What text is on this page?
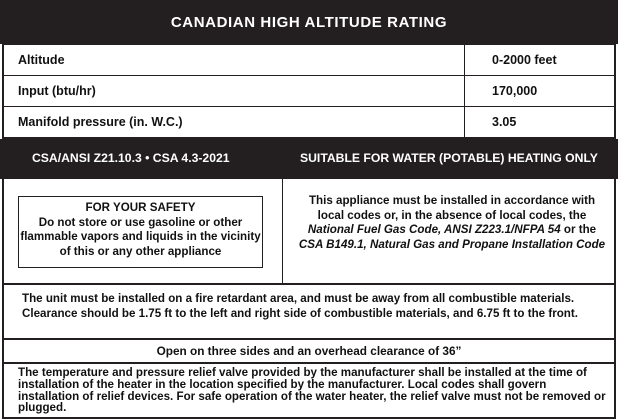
CANADIAN HIGH ALTITUDE RATING
Altitude	0-2000 feet
Input (btu/hr)	170,000
Manifold pressure (in. W.C.)	3.05
CSA/ANSI Z21.10.3 • CSA 4.3-2021	SUITABLE FOR WATER (POTABLE) HEATING ONLY
FOR YOUR SAFETY
Do not store or use gasoline or other flammable vapors and liquids in the vicinity of this or any other appliance
This appliance must be installed in accordance with local codes or, in the absence of local codes, the National Fuel Gas Code, ANSI Z223.1/NFPA 54 or the CSA B149.1, Natural Gas and Propane Installation Code
The unit must be installed on a fire retardant area, and must be away from all combustible materials. Clearance should be 1.75 ft to the left and right side of combustible materials, and 6.75 ft to the front.
Open on three sides and an overhead clearance of 36”
The temperature and pressure relief valve provided by the manufacturer shall be installed at the time of installation of the heater in the location specified by the manufacturer. Local codes shall govern installation of relief devices. For safe operation of the water heater, the relief valve must not be removed or plugged.
